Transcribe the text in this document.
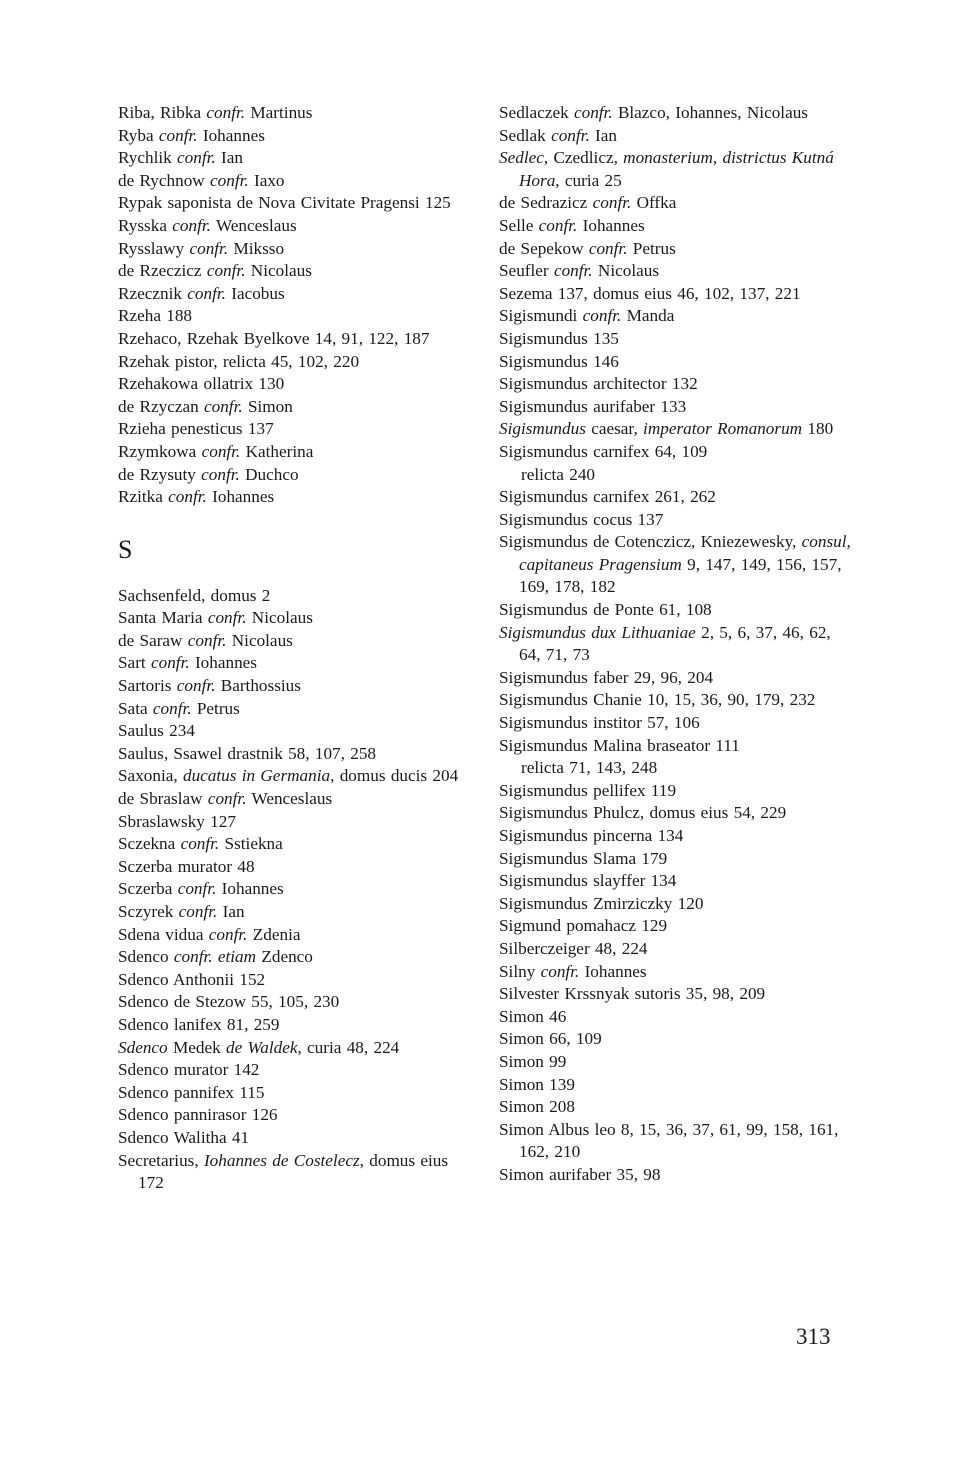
Riba, Ribka confr. Martinus
Ryba confr. Iohannes
Rychlik confr. Ian
de Rychnow confr. Iaxo
Rypak saponista de Nova Civitate Pragensi 125
Rysska confr. Wenceslaus
Rysslawy confr. Miksso
de Rzeczicz confr. Nicolaus
Rzecznik confr. Iacobus
Rzeha 188
Rzehaco, Rzehak Byelkove 14, 91, 122, 187
Rzehak pistor, relicta 45, 102, 220
Rzehakowa ollatrix 130
de Rzyczan confr. Simon
Rzieha penesticus 137
Rzymkowa confr. Katherina
de Rzysuty confr. Duchco
Rzitka confr. Iohannes
S
Sachsenfeld, domus 2
Santa Maria confr. Nicolaus
de Saraw confr. Nicolaus
Sart confr. Iohannes
Sartoris confr. Barthossius
Sata confr. Petrus
Saulus 234
Saulus, Ssawel drastnik 58, 107, 258
Saxonia, ducatus in Germania, domus ducis 204
de Sbraslaw confr. Wenceslaus
Sbraslawsky 127
Sczekna confr. Sstiekna
Sczerba murator 48
Sczerba confr. Iohannes
Sczyrek confr. Ian
Sdena vidua confr. Zdenia
Sdenco confr. etiam Zdenco
Sdenco Anthonii 152
Sdenco de Stezow 55, 105, 230
Sdenco lanifex 81, 259
Sdenco Medek de Waldek, curia 48, 224
Sdenco murator 142
Sdenco pannifex 115
Sdenco pannirasor 126
Sdenco Walitha 41
Secretarius, Iohannes de Costelecz, domus eius 172
Sedlaczek confr. Blazco, Iohannes, Nicolaus
Sedlak confr. Ian
Sedlec, Czedlicz, monasterium, districtus Kutná Hora, curia 25
de Sedrazicz confr. Offka
Selle confr. Iohannes
de Sepekow confr. Petrus
Seufler confr. Nicolaus
Sezema 137, domus eius 46, 102, 137, 221
Sigismundi confr. Manda
Sigismundus 135
Sigismundus 146
Sigismundus architector 132
Sigismundus aurifaber 133
Sigismundus caesar, imperator Romanorum 180
Sigismundus carnifex 64, 109
relicta 240
Sigismundus carnifex 261, 262
Sigismundus cocus 137
Sigismundus de Cotenczicz, Kniezewesky, consul, capitaneus Pragensium 9, 147, 149, 156, 157, 169, 178, 182
Sigismundus de Ponte 61, 108
Sigismundus dux Lithuaniae 2, 5, 6, 37, 46, 62, 64, 71, 73
Sigismundus faber 29, 96, 204
Sigismundus Chanie 10, 15, 36, 90, 179, 232
Sigismundus institor 57, 106
Sigismundus Malina braseator 111
relicta 71, 143, 248
Sigismundus pellifex 119
Sigismundus Phulcz, domus eius 54, 229
Sigismundus pincerna 134
Sigismundus Slama 179
Sigismundus slayffer 134
Sigismundus Zmirziczky 120
Sigmund pomahacz 129
Silberczeiger 48, 224
Silny confr. Iohannes
Silvester Krssnyak sutoris 35, 98, 209
Simon 46
Simon 66, 109
Simon 99
Simon 139
Simon 208
Simon Albus leo 8, 15, 36, 37, 61, 99, 158, 161, 162, 210
Simon aurifaber 35, 98
313
